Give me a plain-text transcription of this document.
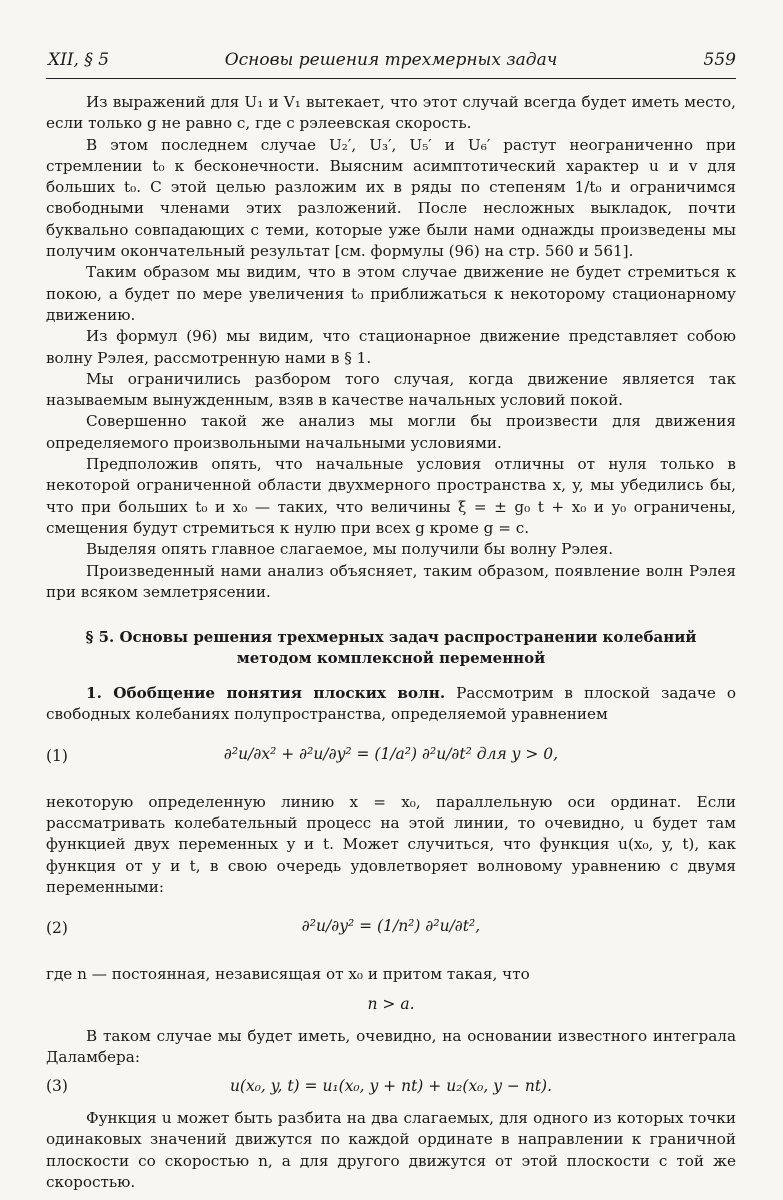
XII, § 5	Основы решения трехмерных задач	559

Из выражений для U₁ и V₁ вытекает, что этот случай всегда будет иметь место, если только g не равно c, где c рэлеевская скорость.

В этом последнем случае U₂′, U₃′, U₅′ и U₆′ растут неограниченно при стремлении t₀ к бесконечности. Выясним асимптотический характер u и v для больших t₀. С этой целью разложим их в ряды по степеням 1/t₀ и ограничимся свободными членами этих разложений. После несложных выкладок, почти буквально совпадающих с теми, которые уже были нами однажды произведены мы получим окончательный результат [см. формулы (96) на стр. 560 и 561].

Таким образом мы видим, что в этом случае движение не будет стремиться к покою, а будет по мере увеличения t₀ приближаться к некоторому стационарному движению.

Из формул (96) мы видим, что стационарное движение представляет собою волну Рэлея, рассмотренную нами в § 1.

Мы ограничились разбором того случая, когда движение является так называемым вынужденным, взяв в качестве начальных условий покой.

Совершенно такой же анализ мы могли бы произвести для движения определяемого произвольными начальными условиями.

Предположив опять, что начальные условия отличны от нуля только в некоторой ограниченной области двухмерного пространства x, y, мы убедились бы, что при больших t₀ и x₀ — таких, что величины ξ = ± g₀ t + x₀ и y₀ ограничены, смещения будут стремиться к нулю при всех g кроме g = c.

Выделяя опять главное слагаемое, мы получили бы волну Рэлея.

Произведенный нами анализ объясняет, таким образом, появление волн Рэлея при всяком землетрясении.

§ 5. Основы решения трехмерных задач распространении колебаний методом комплексной переменной

1. Обобщение понятия плоских волн. Рассмотрим в плоской задаче о свободных колебаниях полупространства, определяемой уравнением

(1)	∂²u/∂x² + ∂²u/∂y² = (1/a²) ∂²u/∂t² для y > 0,

некоторую определенную линию x = x₀, параллельную оси ординат. Если рассматривать колебательный процесс на этой линии, то очевидно, u будет там функцией двух переменных y и t. Может случиться, что функция u(x₀, y, t), как функция от y и t, в свою очередь удовлетворяет волновому уравнению с двумя переменными:

(2)	∂²u/∂y² = (1/n²) ∂²u/∂t²,

где n — постоянная, независящая от x₀ и притом такая, что

n > a.

В таком случае мы будет иметь, очевидно, на основании известного интеграла Даламбера:

(3)	u(x₀, y, t) = u₁(x₀, y + nt) + u₂(x₀, y − nt).

Функция u может быть разбита на два слагаемых, для одного из которых точки одинаковых значений движутся по каждой ординате в направлении к граничной плоскости со скоростью n, а для другого движутся от этой плоскости с той же скоростью.
